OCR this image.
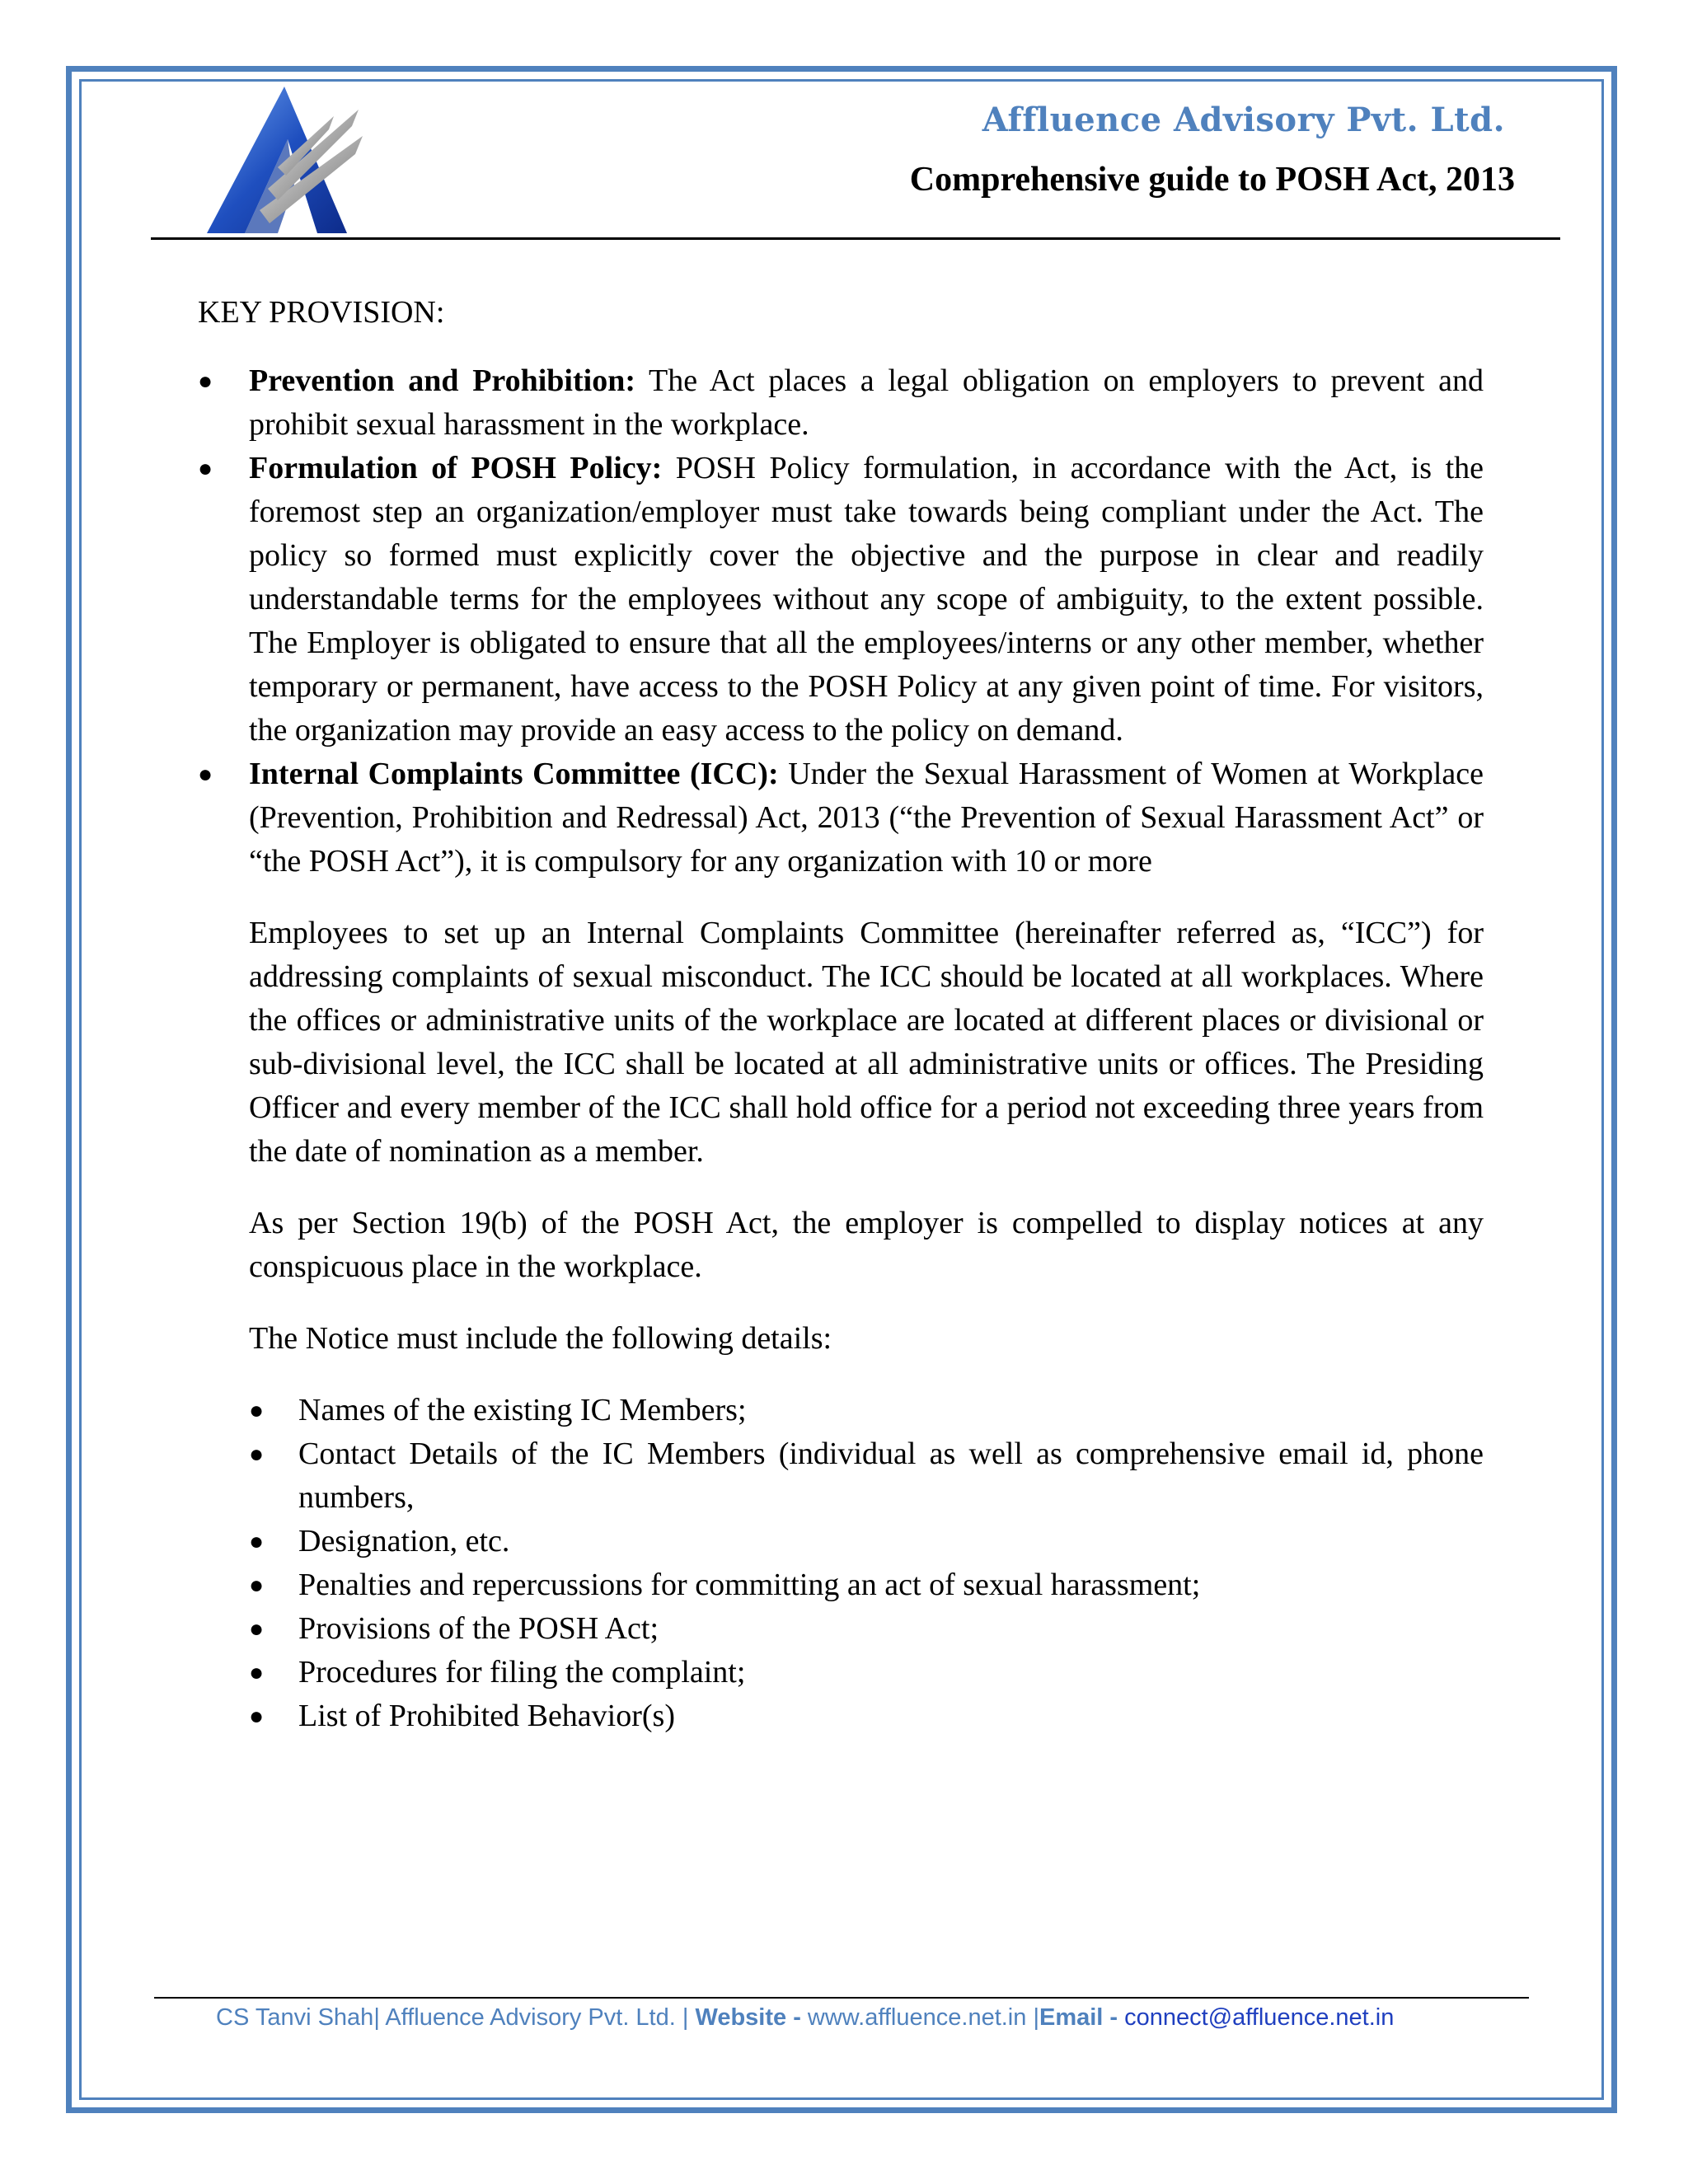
Affluence Advisory Pvt. Ltd.
Comprehensive guide to POSH Act, 2013

KEY PROVISION:

● Prevention and Prohibition: The Act places a legal obligation on employers to prevent and prohibit sexual harassment in the workplace.
● Formulation of POSH Policy: POSH Policy formulation, in accordance with the Act, is the foremost step an organization/employer must take towards being compliant under the Act. The policy so formed must explicitly cover the objective and the purpose in clear and readily understandable terms for the employees without any scope of ambiguity, to the extent possible. The Employer is obligated to ensure that all the employees/interns or any other member, whether temporary or permanent, have access to the POSH Policy at any given point of time. For visitors, the organization may provide an easy access to the policy on demand.
● Internal Complaints Committee (ICC): Under the Sexual Harassment of Women at Workplace (Prevention, Prohibition and Redressal) Act, 2013 (“the Prevention of Sexual Harassment Act” or “the POSH Act”), it is compulsory for any organization with 10 or more

Employees to set up an Internal Complaints Committee (hereinafter referred as, “ICC”) for addressing complaints of sexual misconduct. The ICC should be located at all workplaces. Where the offices or administrative units of the workplace are located at different places or divisional or sub-divisional level, the ICC shall be located at all administrative units or offices. The Presiding Officer and every member of the ICC shall hold office for a period not exceeding three years from the date of nomination as a member.

As per Section 19(b) of the POSH Act, the employer is compelled to display notices at any conspicuous place in the workplace.

The Notice must include the following details:

● Names of the existing IC Members;
● Contact Details of the IC Members (individual as well as comprehensive email id, phone numbers,
● Designation, etc.
● Penalties and repercussions for committing an act of sexual harassment;
● Provisions of the POSH Act;
● Procedures for filing the complaint;
● List of Prohibited Behavior(s)
CS Tanvi Shah| Affluence Advisory Pvt. Ltd. | Website - www.affluence.net.in |Email - connect@affluence.net.in
